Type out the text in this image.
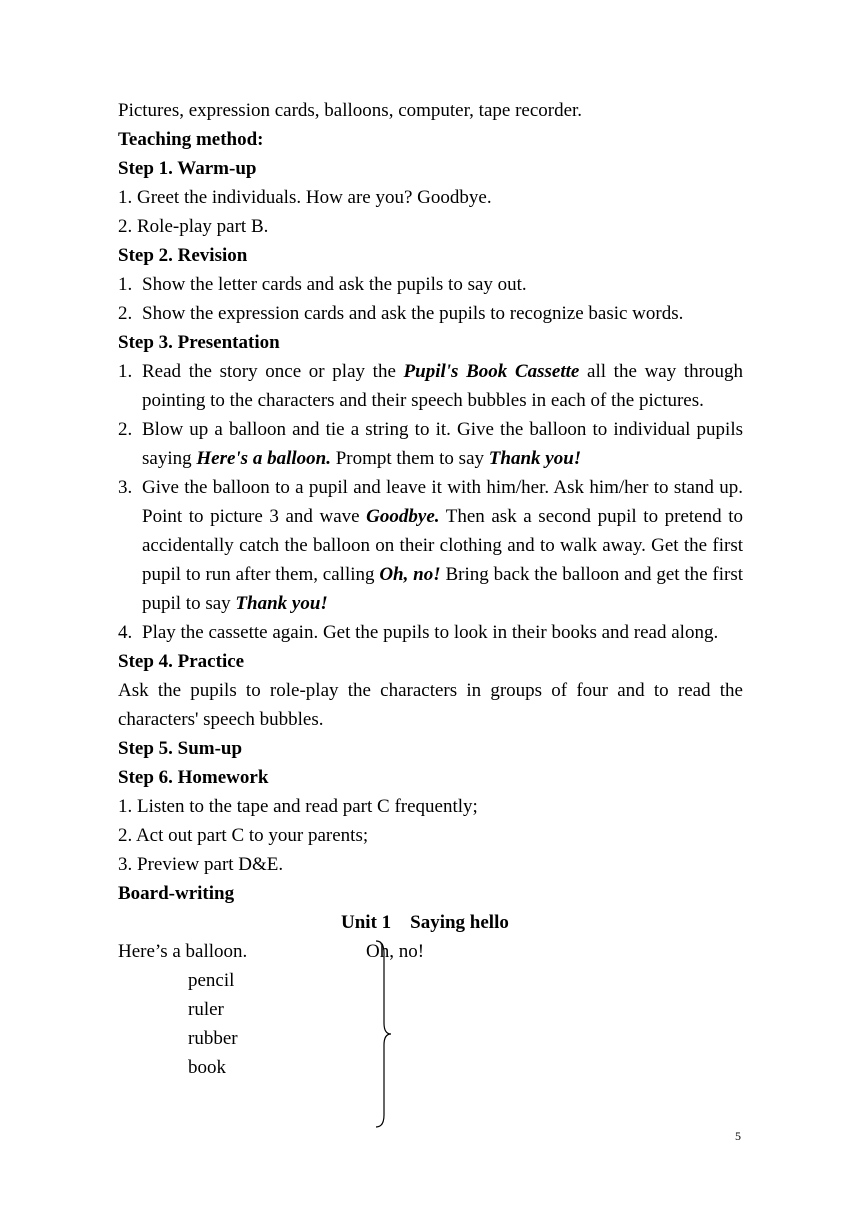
Pictures, expression cards, balloons, computer, tape recorder.

Teaching method:

Step 1. Warm-up

1. Greet the individuals. How are you? Goodbye.

2. Role-play part B.

Step 2. Revision

1. Show the letter cards and ask the pupils to say out.
2. Show the expression cards and ask the pupils to recognize basic words.

Step 3. Presentation

1. Read the story once or play the Pupil's Book Cassette all the way through pointing to the characters and their speech bubbles in each of the pictures.
2. Blow up a balloon and tie a string to it. Give the balloon to individual pupils saying Here's a balloon. Prompt them to say Thank you!
3. Give the balloon to a pupil and leave it with him/her. Ask him/her to stand up. Point to picture 3 and wave Goodbye. Then ask a second pupil to pretend to accidentally catch the balloon on their clothing and to walk away. Get the first pupil to run after them, calling Oh, no! Bring back the balloon and get the first pupil to say Thank you!
4. Play the cassette again. Get the pupils to look in their books and read along.

Step 4. Practice

Ask the pupils to role-play the characters in groups of four and to read the characters' speech bubbles.

Step 5. Sum-up

Step 6. Homework

1. Listen to the tape and read part C frequently;

2. Act out part C to your parents;

3. Preview part D&E.

Board-writing

Unit 1    Saying hello
Here’s a balloon.	Oh, no!
pencil
ruler
rubber
book
5
